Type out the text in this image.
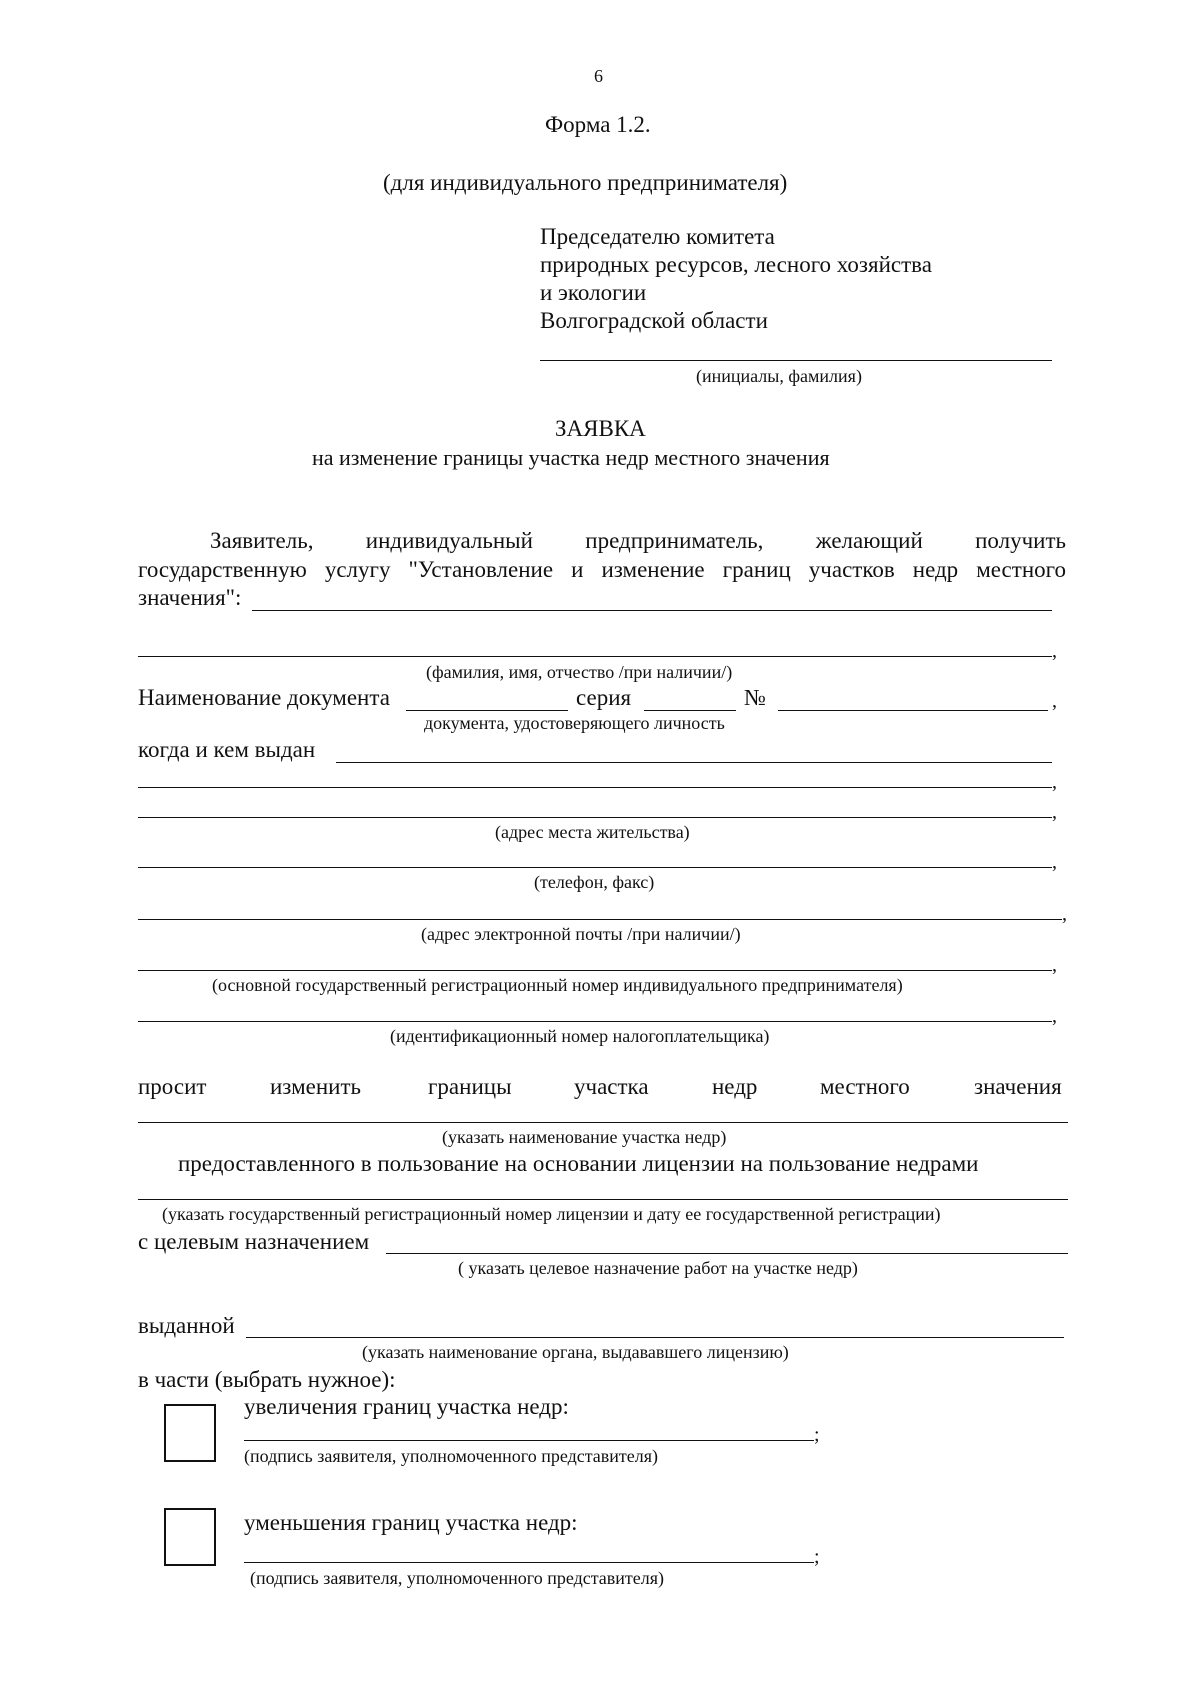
6
Форма 1.2.
(для индивидуального предпринимателя)
Председателю комитета
природных ресурсов, лесного хозяйства
и экологии
Волгоградской области
(инициалы, фамилия)
ЗАЯВКА
на изменение границы участка недр местного значения
Заявитель, индивидуальный предприниматель, желающий получить
государственную услугу "Установление и изменение границ участков недр местного
значения":
,
(фамилия, имя, отчество /при наличии/)
Наименование документа	серия	№	,
документа, удостоверяющего личность
когда и кем выдан
,
,
(адрес места жительства)
,
(телефон, факс)
,
(адрес электронной почты /при наличии/)
,
(основной государственный регистрационный номер индивидуального предпринимателя)
,
(идентификационный номер налогоплательщика)
просит	изменить	границы	участка	недр	местного	значения
(указать наименование участка недр)
предоставленного в пользование на основании лицензии на пользование недрами
(указать государственный регистрационный номер лицензии и дату ее государственной регистрации)
с целевым назначением
( указать целевое назначение работ на участке недр)
выданной
(указать наименование органа, выдававшего лицензию)
в части (выбрать нужное):
увеличения границ участка недр:
;
(подпись заявителя, уполномоченного представителя)
уменьшения границ участка недр:
;
(подпись заявителя, уполномоченного представителя)
